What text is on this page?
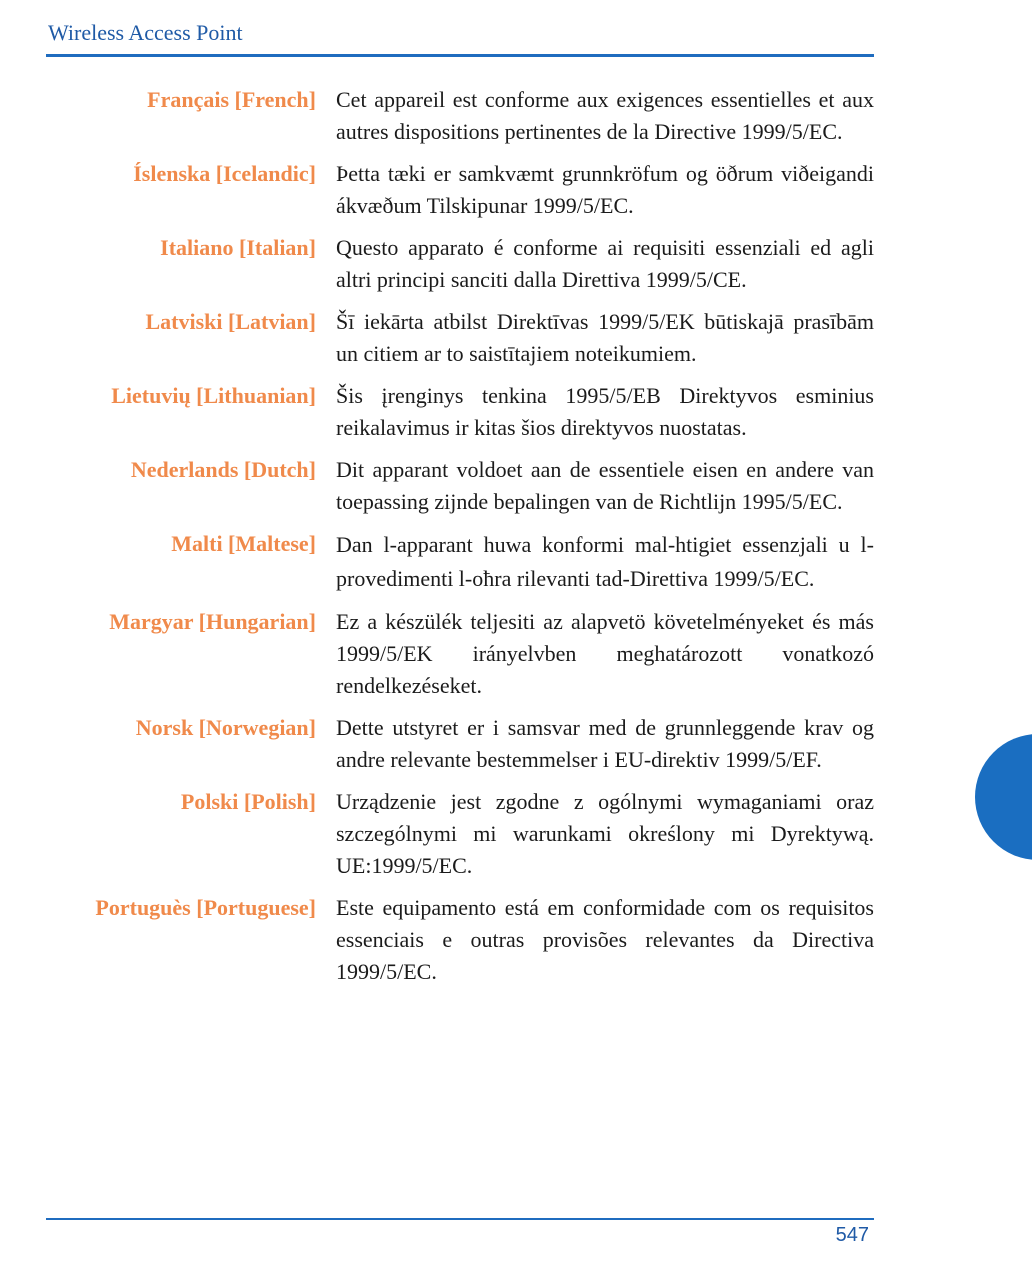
Wireless Access Point
Français [French] Cet appareil est conforme aux exigences essentielles et aux autres dispositions pertinentes de la Directive 1999/5/EC.
Íslenska [Icelandic] Þetta tæki er samkvæmt grunnkröfum og öðrum viðeigandi ákvæðum Tilskipunar 1999/5/EC.
Italiano [Italian] Questo apparato é conforme ai requisiti essenziali ed agli altri principi sanciti dalla Direttiva 1999/5/CE.
Latviski [Latvian] Šī iekārta atbilst Direktīvas 1999/5/EK būtiskajā prasībām un citiem ar to saistītajiem noteikumiem.
Lietuvių [Lithuanian] Šis įrenginys tenkina 1995/5/EB Direktyvos esminius reikalavimus ir kitas šios direktyvos nuostatas.
Nederlands [Dutch] Dit apparant voldoet aan de essentiele eisen en andere van toepassing zijnde bepalingen van de Richtlijn 1995/5/EC.
Malti [Maltese] Dan l-apparant huwa konformi mal-htigiet essenzjali u l-provedimenti l-oħra rilevanti tad-Direttiva 1999/5/EC.
Margyar [Hungarian] Ez a készülék teljesiti az alapvetö követelményeket és más 1999/5/EK irányelvben meghatározott vonatkozó rendelkezéseket.
Norsk [Norwegian] Dette utstyret er i samsvar med de grunnleggende krav og andre relevante bestemmelser i EU-direktiv 1999/5/EF.
Polski [Polish] Urządzenie jest zgodne z ogólnymi wymaganiami oraz szczególnymi mi warunkami określony mi Dyrektywą. UE:1999/5/EC.
Portuguès [Portuguese] Este equipamento está em conformidade com os requisitos essenciais e outras provisões relevantes da Directiva 1999/5/EC.
547
